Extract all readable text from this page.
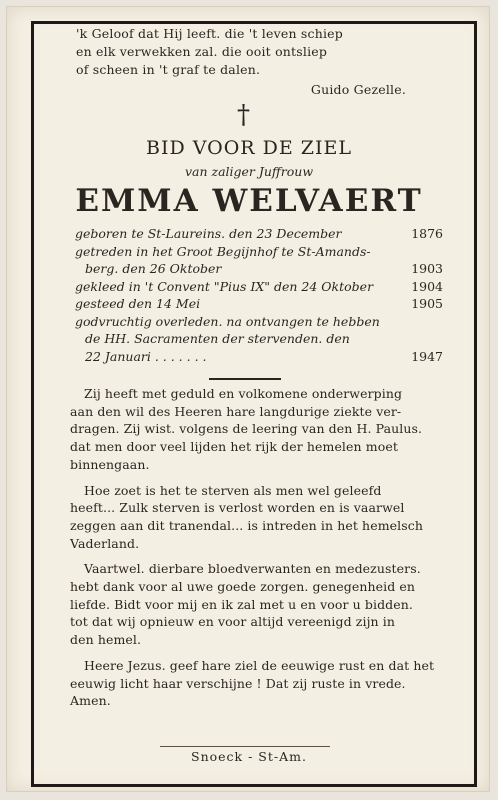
'k Geloof dat Hij leeft. die 't leven schiep
en elk verwekken zal. die ooit ontsliep
of scheen in 't graf te dalen.
Guido Gezelle.
†
BID VOOR DE ZIEL
van zaliger Juffrouw
EMMA WELVAERT
geboren te St-Laureins. den 23 December	1876
getreden in het Groot Begijnhof te St-Amands-
berg. den 26 Oktober	1903
gekleed in 't Convent "Pius IX" den 24 Oktober	1904
gesteed den 14 Mei	1905
godvruchtig overleden. na ontvangen te hebben
de HH. Sacramenten der stervenden. den
22 Januari . . . . . . .	1947
Zij heeft met geduld en volkomene onderwerping
aan den wil des Heeren hare langdurige ziekte ver-
dragen. Zij wist. volgens de leering van den H. Paulus.
dat men door veel lijden het rijk der hemelen moet
binnengaan.
Hoe zoet is het te sterven als men wel geleefd
heeft... Zulk sterven is verlost worden en is vaarwel
zeggen aan dit tranendal... is intreden in het hemelsch
Vaderland.
Vaartwel. dierbare bloedverwanten en medezusters.
hebt dank voor al uwe goede zorgen. genegenheid en
liefde. Bidt voor mij en ik zal met u en voor u bidden.
tot dat wij opnieuw en voor altijd vereenigd zijn in
den hemel.
Heere Jezus. geef hare ziel de eeuwige rust en dat het
eeuwig licht haar verschijne ! Dat zij ruste in vrede.
Amen.
Snoeck - St-Am.
